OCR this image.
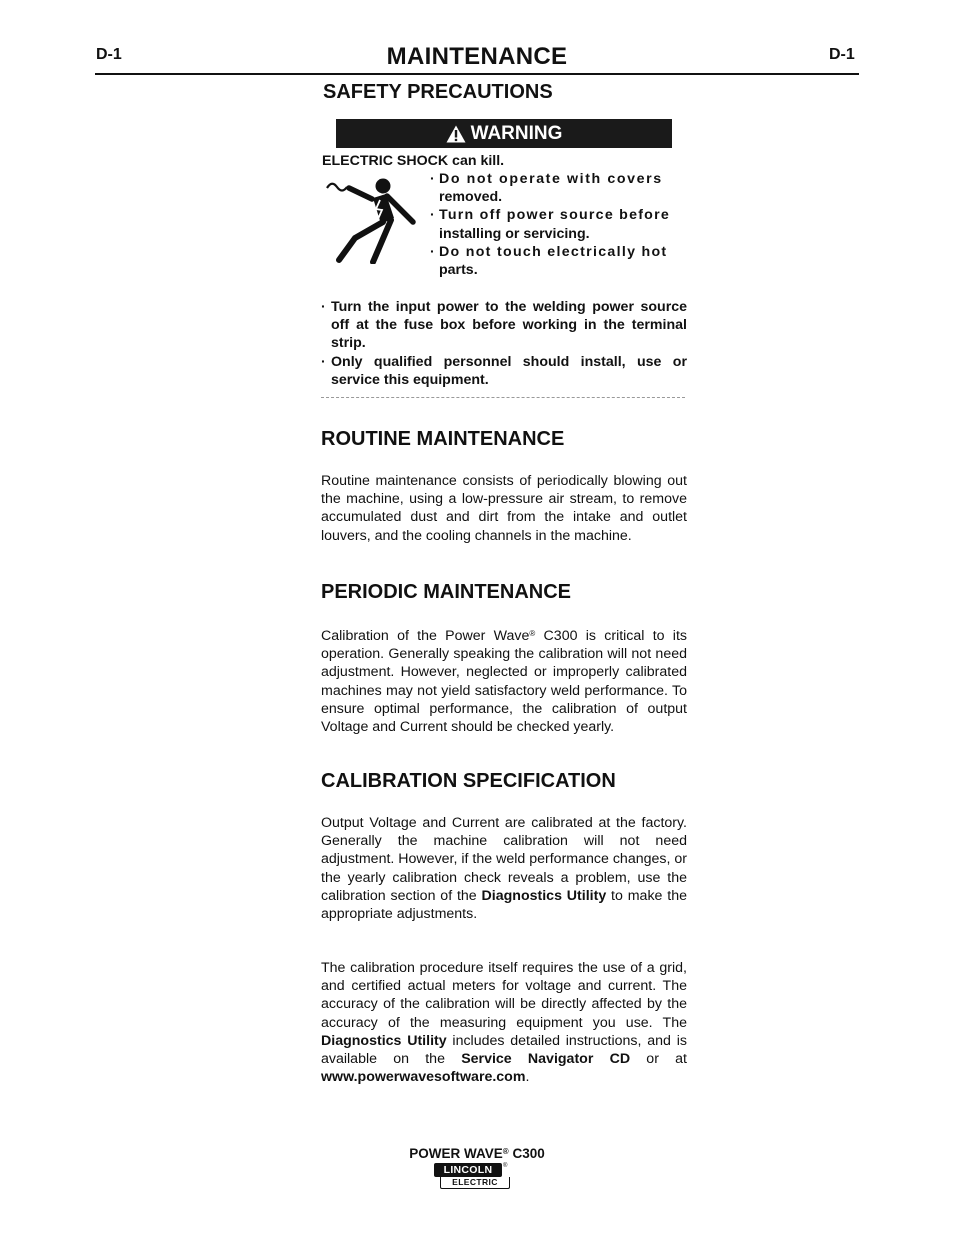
D-1	D-1
MAINTENANCE
SAFETY PRECAUTIONS
WARNING
ELECTRIC SHOCK can kill.
· Do not operate with covers
removed.
· Turn off power source before
installing or servicing.
· Do not touch electrically hot
parts.
· Turn the input power to the welding power source off at the fuse box before working in the terminal strip.
· Only qualified personnel should install, use or service this equipment.
ROUTINE MAINTENANCE

Routine maintenance consists of periodically blowing out the machine, using a low-pressure air stream, to remove accumulated dust and dirt from the intake and outlet louvers, and the cooling channels in the machine.

PERIODIC MAINTENANCE

Calibration of the Power Wave® C300 is critical to its operation. Generally speaking the calibration will not need adjustment. However, neglected or improperly calibrated machines may not yield satisfactory weld performance. To ensure optimal performance, the calibration of output Voltage and Current should be checked yearly.

CALIBRATION SPECIFICATION

Output Voltage and Current are calibrated at the factory. Generally the machine calibration will not need adjustment. However, if the weld performance changes, or the yearly calibration check reveals a problem, use the calibration section of the Diagnostics Utility to make the appropriate adjustments.

The calibration procedure itself requires the use of a grid, and certified actual meters for voltage and current. The accuracy of the calibration will be directly affected by the accuracy of the measuring equipment you use. The Diagnostics Utility includes detailed instructions, and is available on the Service Navigator CD or at www.powerwavesoftware.com.

POWER WAVE® C300
LINCOLN	®
ELECTRIC
